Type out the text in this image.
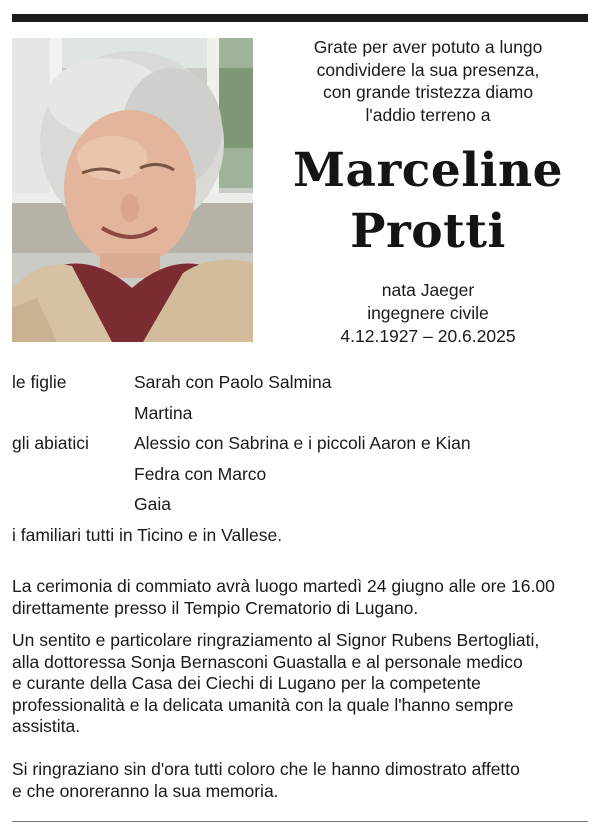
Grate per aver potuto a lungo
condividere la sua presenza,
con grande tristezza diamo
l'addio terreno a
Marceline
Protti
nata Jaeger
ingegnere civile
4.12.1927 – 20.6.2025
le figlie	Sarah con Paolo Salmina
Martina
gli abiatici	Alessio con Sabrina e i piccoli Aaron e Kian
Fedra con Marco
Gaia
i familiari tutti in Ticino e in Vallese.
La cerimonia di commiato avrà luogo martedì 24 giugno alle ore 16.00
direttamente presso il Tempio Crematorio di Lugano.
Un sentito e particolare ringraziamento al Signor Rubens Bertogliati,
alla dottoressa Sonja Bernasconi Guastalla e al personale medico
e curante della Casa dei Ciechi di Lugano per la competente
professionalità e la delicata umanità con la quale l'hanno sempre
assistita.
Si ringraziano sin d'ora tutti coloro che le hanno dimostrato affetto
e che onoreranno la sua memoria.
